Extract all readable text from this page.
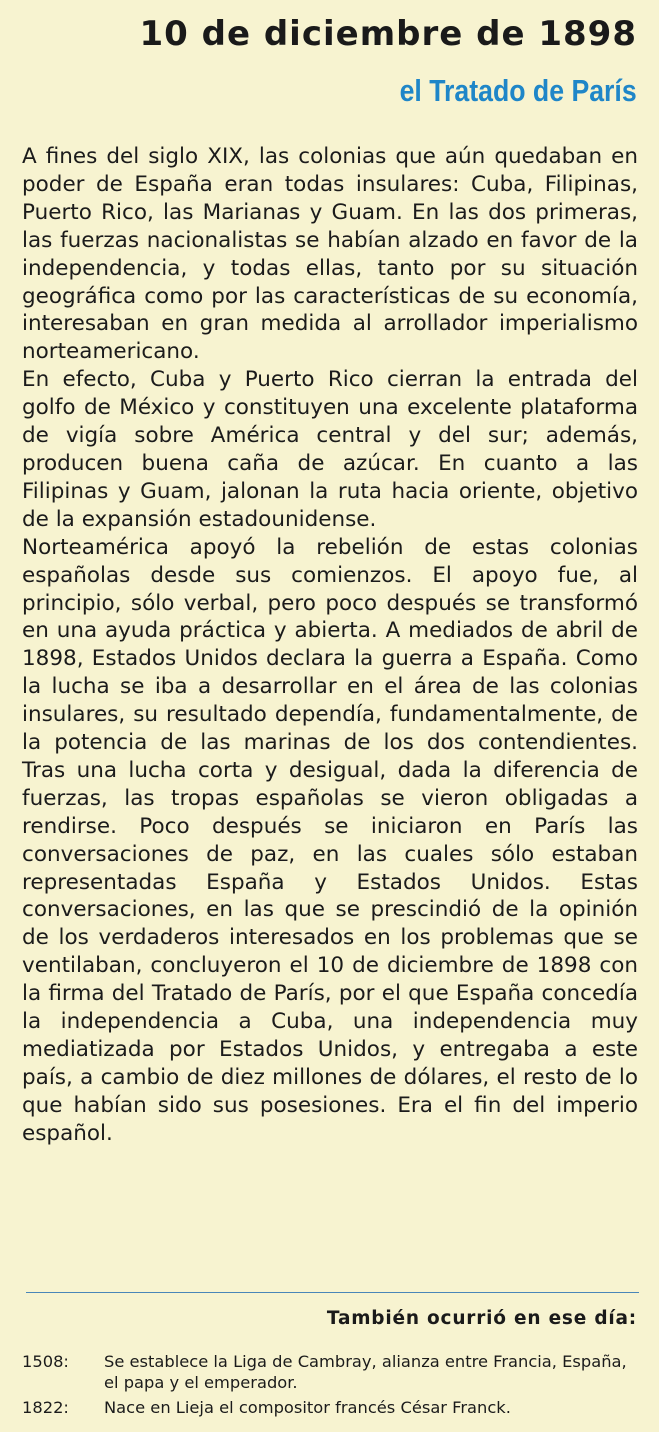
10 de diciembre de 1898
el Tratado de París

A fines del siglo XIX, las colonias que aún quedaban en poder de España eran todas insulares: Cuba, Filipinas, Puerto Rico, las Marianas y Guam. En las dos primeras, las fuerzas nacionalistas se habían alzado en favor de la independencia, y todas ellas, tanto por su situación geográfica como por las características de su economía, interesaban en gran medida al arrollador imperialismo norteamericano.

En efecto, Cuba y Puerto Rico cierran la entrada del golfo de México y constituyen una excelente plataforma de vigía sobre América central y del sur; además, producen buena caña de azúcar. En cuanto a las Filipinas y Guam, jalonan la ruta hacia oriente, objetivo de la expansión estadounidense.

Norteamérica apoyó la rebelión de estas colonias españolas desde sus comienzos. El apoyo fue, al principio, sólo verbal, pero poco después se transformó en una ayuda práctica y abierta. A mediados de abril de 1898, Estados Unidos declara la guerra a España. Como la lucha se iba a desarrollar en el área de las colonias insulares, su resultado dependía, fundamentalmente, de la potencia de las marinas de los dos contendientes. Tras una lucha corta y desigual, dada la diferencia de fuerzas, las tropas españolas se vieron obligadas a rendirse. Poco después se iniciaron en París las conversaciones de paz, en las cuales sólo estaban representadas España y Estados Unidos. Estas conversaciones, en las que se prescindió de la opinión de los verdaderos interesados en los problemas que se ventilaban, concluyeron el 10 de diciembre de 1898 con la firma del Tratado de París, por el que España concedía la independencia a Cuba, una independencia muy mediatizada por Estados Unidos, y entregaba a este país, a cambio de diez millones de dólares, el resto de lo que habían sido sus posesiones. Era el fin del imperio español.

También ocurrió en ese día:
1508:	Se establece la Liga de Cambray, alianza entre Francia, España, el papa y el emperador.
1822:	Nace en Lieja el compositor francés César Franck.
